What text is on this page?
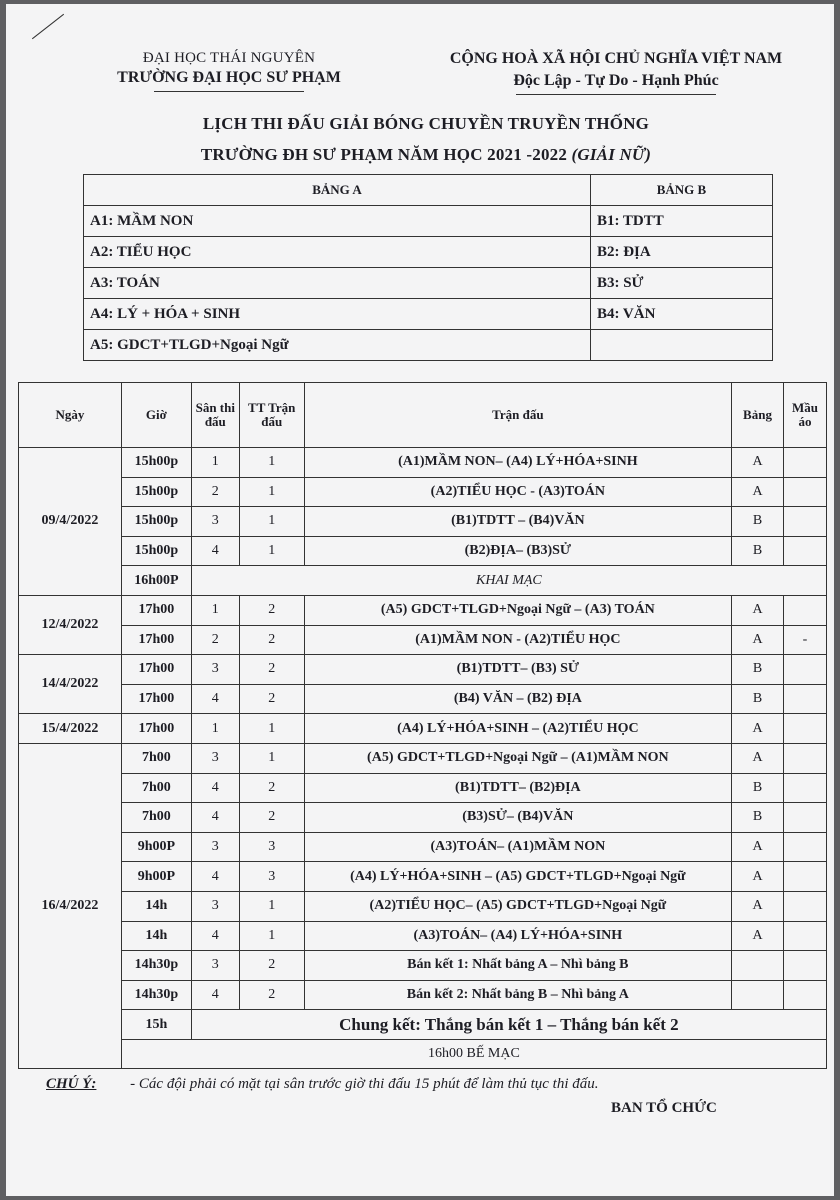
ĐẠI HỌC THÁI NGUYÊN
TRƯỜNG ĐẠI HỌC SƯ PHẠM
CỘNG HOÀ XÃ HỘI CHỦ NGHĨA VIỆT NAM
Độc Lập - Tự Do - Hạnh Phúc
LỊCH THI ĐẤU GIẢI BÓNG CHUYỀN TRUYỀN THỐNG
TRƯỜNG ĐH SƯ PHẠM NĂM HỌC 2021 -2022 (GIẢI NỮ)
BẢNG A	BẢNG B
A1: MẦM NON	B1: TDTT
A2: TIỂU HỌC	B2: ĐỊA
A3: TOÁN	B3: SỬ
A4: LÝ + HÓA + SINH	B4: VĂN
A5: GDCT+TLGD+Ngoại Ngữ	
Ngày	Giờ	Sân thi đấu	TT Trận đấu	Trận đấu	Bảng	Mầu áo
09/4/2022	15h00p	1	1	(A1)MẦM NON– (A4) LÝ+HÓA+SINH	A	
	15h00p	2	1	(A2)TIỂU HỌC - (A3)TOÁN	A	
	15h00p	3	1	(B1)TDTT – (B4)VĂN	B	
	15h00p	4	1	(B2)ĐỊA– (B3)SỬ	B	
	16h00P	KHAI MẠC				
12/4/2022	17h00	1	2	(A5) GDCT+TLGD+Ngoại Ngữ – (A3) TOÁN	A	
	17h00	2	2	(A1)MẦM NON - (A2)TIỂU HỌC	A	-
14/4/2022	17h00	3	2	(B1)TDTT– (B3) SỬ	B	
	17h00	4	2	(B4) VĂN – (B2) ĐỊA	B	
15/4/2022	17h00	1	1	(A4) LÝ+HÓA+SINH – (A2)TIỂU HỌC	A	
16/4/2022	7h00	3	1	(A5) GDCT+TLGD+Ngoại Ngữ – (A1)MẦM NON	A	
	7h00	4	2	(B1)TDTT– (B2)ĐỊA	B	
	7h00	4	2	(B3)SỬ– (B4)VĂN	B	
	9h00P	3	3	(A3)TOÁN– (A1)MẦM NON	A	
	9h00P	4	3	(A4) LÝ+HÓA+SINH – (A5) GDCT+TLGD+Ngoại Ngữ	A	
	14h	3	1	(A2)TIỂU HỌC– (A5) GDCT+TLGD+Ngoại Ngữ	A	
	14h	4	1	(A3)TOÁN– (A4) LÝ+HÓA+SINH	A	
	14h30p	3	2	Bán kết 1: Nhất bảng A – Nhì bảng B		
	14h30p	4	2	Bán kết 2: Nhất bảng B – Nhì bảng A		
	15h	Chung kết: Thắng bán kết 1 – Thắng bán kết 2				
	16h00 BẾ MẠC					
CHÚ Ý: - Các đội phải có mặt tại sân trước giờ thi đấu 15 phút để làm thủ tục thi đấu.
BAN TỔ CHỨC
